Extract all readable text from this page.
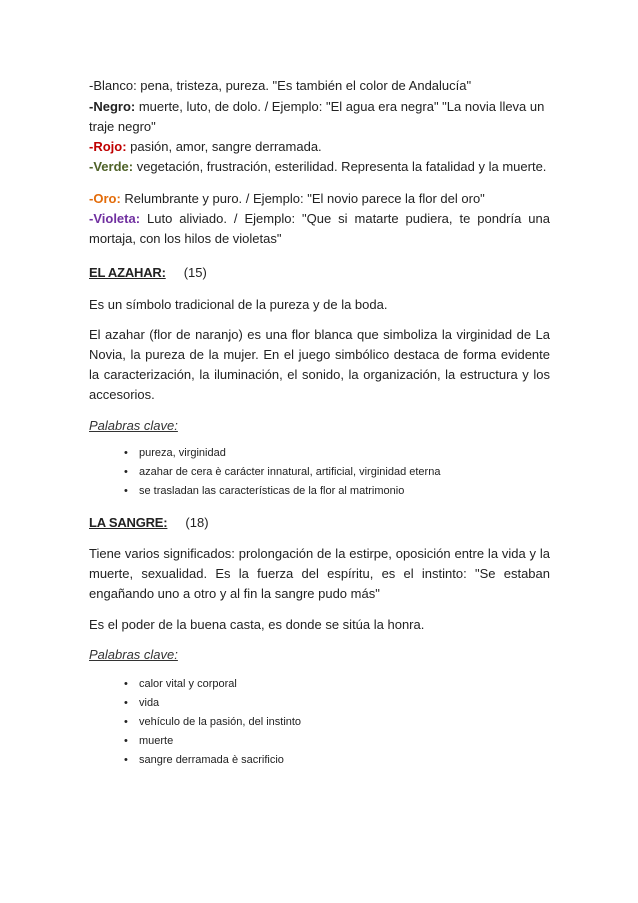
-Blanco: pena, tristeza, pureza. "Es también el color de Andalucía"

-Negro: muerte, luto, de dolo. / Ejemplo: "El agua era negra" "La novia lleva un traje negro"

-Rojo: pasión, amor, sangre derramada.

-Verde: vegetación, frustración, esterilidad. Representa la fatalidad y la muerte.

-Oro: Relumbrante y puro. / Ejemplo: "El novio parece la flor del oro"

-Violeta: Luto aliviado. / Ejemplo: "Que si matarte pudiera, te pondría una mortaja, con los hilos de violetas"

EL AZAHAR: (15)

Es un símbolo tradicional de la pureza y de la boda.

El azahar (flor de naranjo) es una flor blanca que simboliza la virginidad de La Novia, la pureza de la mujer. En el juego simbólico destaca de forma evidente la caracterización, la iluminación, el sonido, la organización, la estructura y los accesorios.

Palabras clave:

• pureza, virginidad
• azahar de cera è carácter innatural, artificial, virginidad eterna
• se trasladan las características de la flor al matrimonio

LA SANGRE: (18)

Tiene varios significados: prolongación de la estirpe, oposición entre la vida y la muerte, sexualidad. Es la fuerza del espíritu, es el instinto: "Se estaban engañando uno a otro y al fin la sangre pudo más"

Es el poder de la buena casta, es donde se sitúa la honra.

Palabras clave:

• calor vital y corporal
• vida
• vehículo de la pasión, del instinto
• muerte
• sangre derramada è sacrificio
